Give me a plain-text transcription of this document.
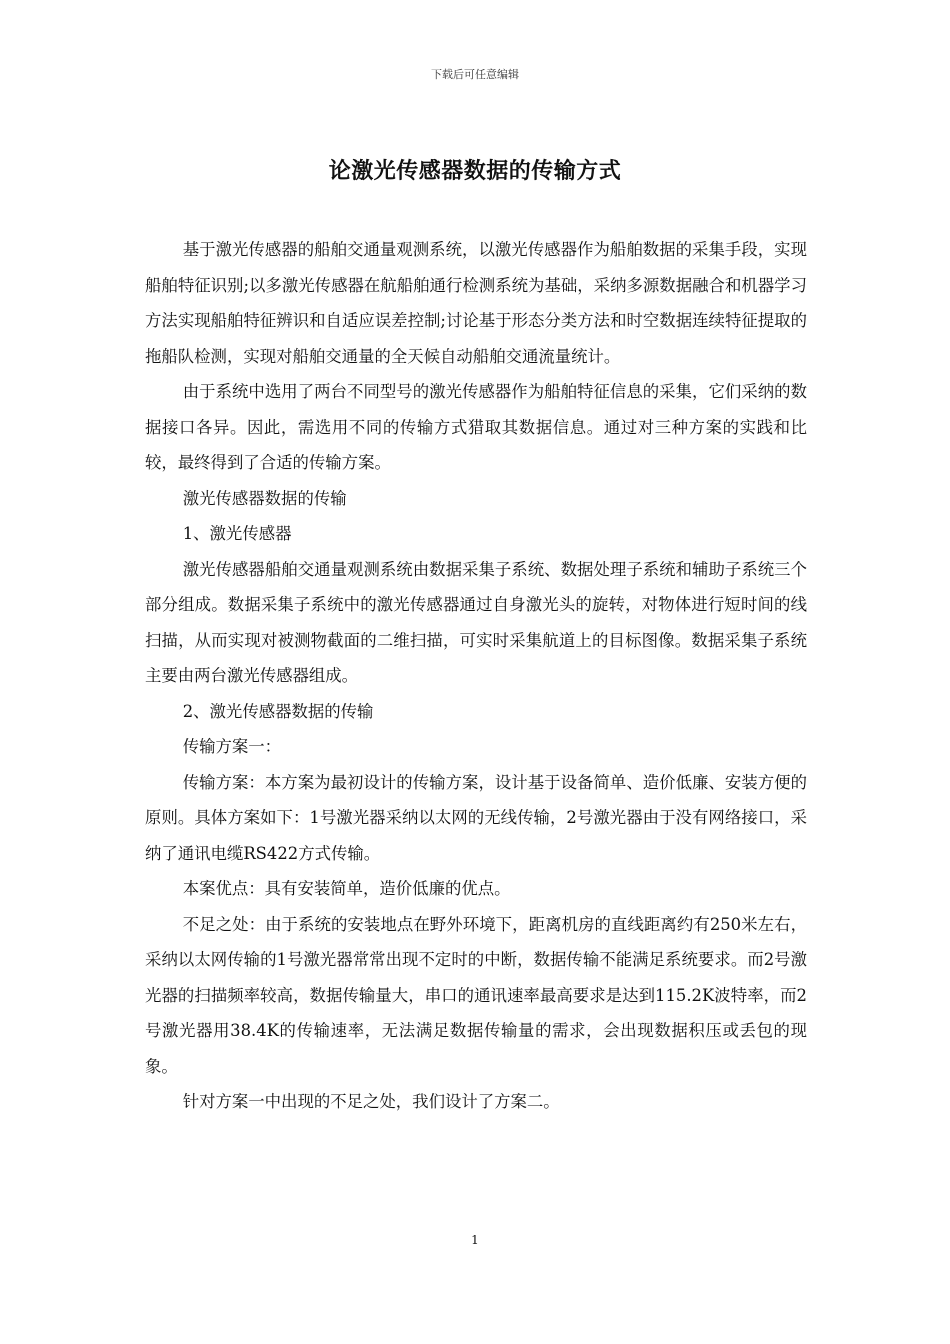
下载后可任意编辑
论激光传感器数据的传输方式

基于激光传感器的船舶交通量观测系统，以激光传感器作为船舶数据的采集手段，实现船舶特征识别;以多激光传感器在航船舶通行检测系统为基础，采纳多源数据融合和机器学习方法实现船舶特征辨识和自适应误差控制;讨论基于形态分类方法和时空数据连续特征提取的拖船队检测，实现对船舶交通量的全天候自动船舶交通流量统计。

由于系统中选用了两台不同型号的激光传感器作为船舶特征信息的采集，它们采纳的数据接口各异。因此，需选用不同的传输方式猎取其数据信息。通过对三种方案的实践和比较，最终得到了合适的传输方案。

激光传感器数据的传输

1、激光传感器

激光传感器船舶交通量观测系统由数据采集子系统、数据处理子系统和辅助子系统三个部分组成。数据采集子系统中的激光传感器通过自身激光头的旋转，对物体进行短时间的线扫描，从而实现对被测物截面的二维扫描，可实时采集航道上的目标图像。数据采集子系统主要由两台激光传感器组成。

2、激光传感器数据的传输

传输方案一：

传输方案：本方案为最初设计的传输方案，设计基于设备简单、造价低廉、安装方便的原则。具体方案如下：1号激光器采纳以太网的无线传输，2号激光器由于没有网络接口，采纳了通讯电缆RS422方式传输。

本案优点：具有安装简单，造价低廉的优点。

不足之处：由于系统的安装地点在野外环境下，距离机房的直线距离约有250米左右，采纳以太网传输的1号激光器常常出现不定时的中断，数据传输不能满足系统要求。而2号激光器的扫描频率较高，数据传输量大，串口的通讯速率最高要求是达到115.2K波特率，而2号激光器用38.4K的传输速率，无法满足数据传输量的需求，会出现数据积压或丢包的现象。

针对方案一中出现的不足之处，我们设计了方案二。

1
